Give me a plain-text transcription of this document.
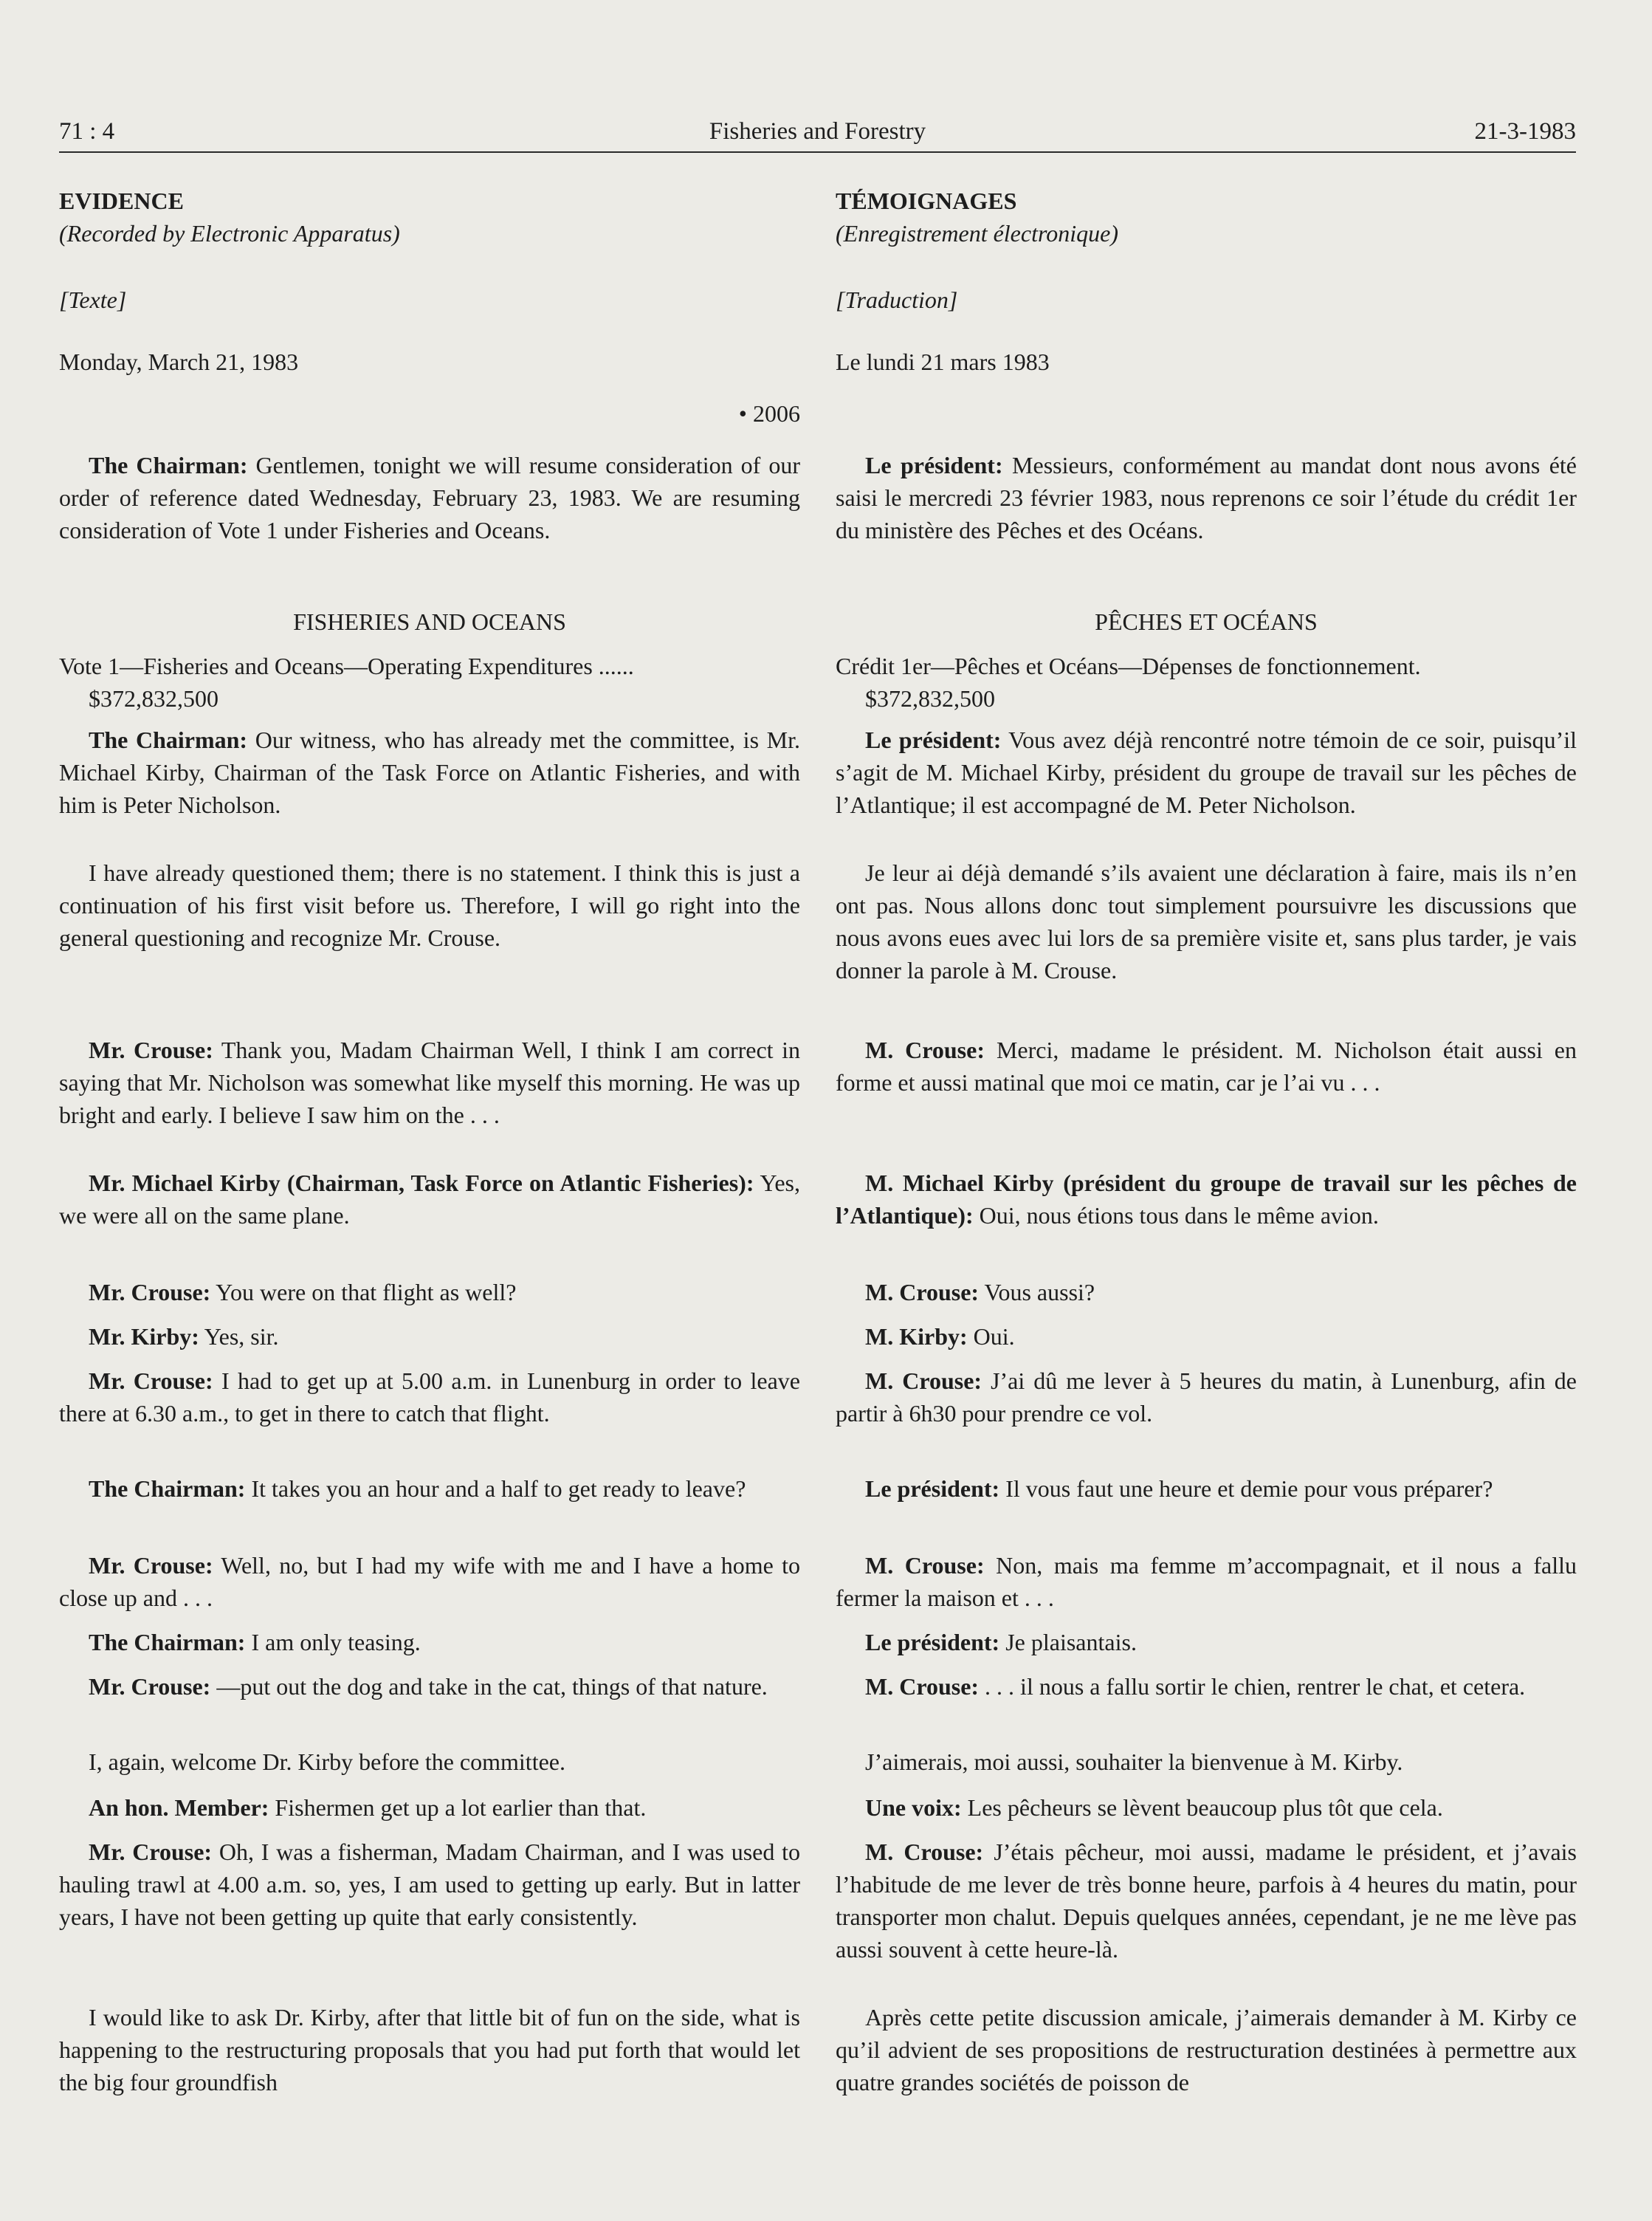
71 : 4	Fisheries and Forestry	21-3-1983

EVIDENCE

(Recorded by Electronic Apparatus)

[Texte]

Monday, March 21, 1983

• 2006

The Chairman: Gentlemen, tonight we will resume consideration of our order of reference dated Wednesday, February 23, 1983. We are resuming consideration of Vote 1 under Fisheries and Oceans.

FISHERIES AND OCEANS

Vote 1—Fisheries and Oceans—Operating Expenditures ......
$372,832,500

The Chairman: Our witness, who has already met the committee, is Mr. Michael Kirby, Chairman of the Task Force on Atlantic Fisheries, and with him is Peter Nicholson.

I have already questioned them; there is no statement. I think this is just a continuation of his first visit before us. Therefore, I will go right into the general questioning and recognize Mr. Crouse.

Mr. Crouse: Thank you, Madam Chairman Well, I think I am correct in saying that Mr. Nicholson was somewhat like myself this morning. He was up bright and early. I believe I saw him on the . . .

Mr. Michael Kirby (Chairman, Task Force on Atlantic Fisheries): Yes, we were all on the same plane.

Mr. Crouse: You were on that flight as well?

Mr. Kirby: Yes, sir.

Mr. Crouse: I had to get up at 5.00 a.m. in Lunenburg in order to leave there at 6.30 a.m., to get in there to catch that flight.

The Chairman: It takes you an hour and a half to get ready to leave?

Mr. Crouse: Well, no, but I had my wife with me and I have a home to close up and . . .

The Chairman: I am only teasing.

Mr. Crouse: —put out the dog and take in the cat, things of that nature.

I, again, welcome Dr. Kirby before the committee.

An hon. Member: Fishermen get up a lot earlier than that.

Mr. Crouse: Oh, I was a fisherman, Madam Chairman, and I was used to hauling trawl at 4.00 a.m. so, yes, I am used to getting up early. But in latter years, I have not been getting up quite that early consistently.

I would like to ask Dr. Kirby, after that little bit of fun on the side, what is happening to the restructuring proposals that you had put forth that would let the big four groundfish

TÉMOIGNAGES

(Enregistrement électronique)

[Traduction]

Le lundi 21 mars 1983

Le président: Messieurs, conformément au mandat dont nous avons été saisi le mercredi 23 février 1983, nous reprenons ce soir l’étude du crédit 1er du ministère des Pêches et des Océans.

PÊCHES ET OCÉANS

Crédit 1er—Pêches et Océans—Dépenses de fonctionnement.
$372,832,500

Le président: Vous avez déjà rencontré notre témoin de ce soir, puisqu’il s’agit de M. Michael Kirby, président du groupe de travail sur les pêches de l’Atlantique; il est accompagné de M. Peter Nicholson.

Je leur ai déjà demandé s’ils avaient une déclaration à faire, mais ils n’en ont pas. Nous allons donc tout simplement poursuivre les discussions que nous avons eues avec lui lors de sa première visite et, sans plus tarder, je vais donner la parole à M. Crouse.

M. Crouse: Merci, madame le président. M. Nicholson était aussi en forme et aussi matinal que moi ce matin, car je l’ai vu . . .

M. Michael Kirby (président du groupe de travail sur les pêches de l’Atlantique): Oui, nous étions tous dans le même avion.

M. Crouse: Vous aussi?

M. Kirby: Oui.

M. Crouse: J’ai dû me lever à 5 heures du matin, à Lunenburg, afin de partir à 6h30 pour prendre ce vol.

Le président: Il vous faut une heure et demie pour vous préparer?

M. Crouse: Non, mais ma femme m’accompagnait, et il nous a fallu fermer la maison et . . .

Le président: Je plaisantais.

M. Crouse: . . . il nous a fallu sortir le chien, rentrer le chat, et cetera.

J’aimerais, moi aussi, souhaiter la bienvenue à M. Kirby.

Une voix: Les pêcheurs se lèvent beaucoup plus tôt que cela.

M. Crouse: J’étais pêcheur, moi aussi, madame le président, et j’avais l’habitude de me lever de très bonne heure, parfois à 4 heures du matin, pour transporter mon chalut. Depuis quelques années, cependant, je ne me lève pas aussi souvent à cette heure-là.

Après cette petite discussion amicale, j’aimerais demander à M. Kirby ce qu’il advient de ses propositions de restructuration destinées à permettre aux quatre grandes sociétés de poisson de
